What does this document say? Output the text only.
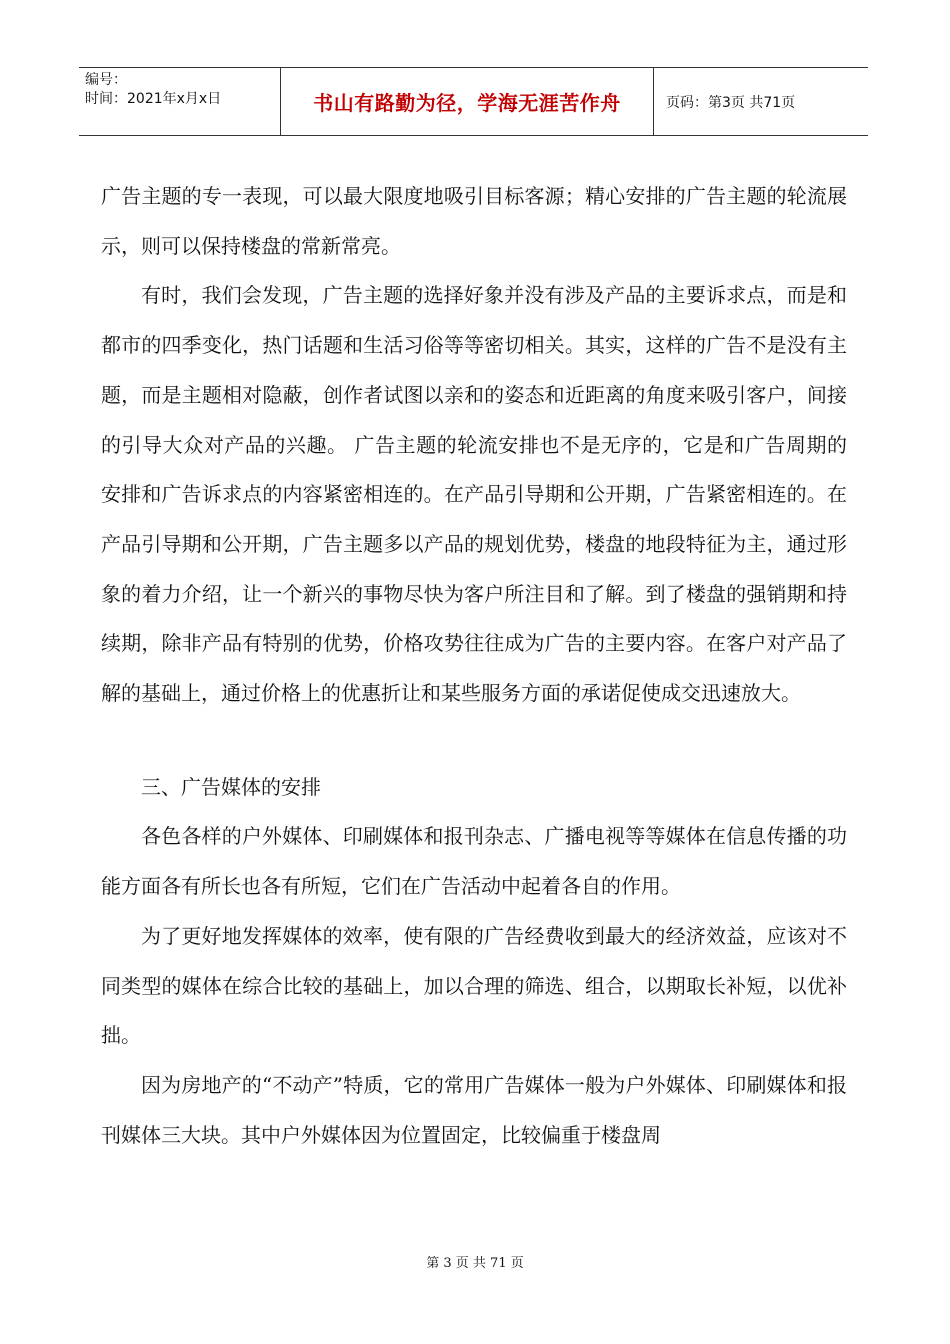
编号：
时间：2021年x月x日	书山有路勤为径，学海无涯苦作舟	页码：第3页 共71页

广告主题的专一表现，可以最大限度地吸引目标客源；精心安排的广告主题的轮流展示，则可以保持楼盘的常新常亮。

有时，我们会发现，广告主题的选择好象并没有涉及产品的主要诉求点，而是和都市的四季变化，热门话题和生活习俗等等密切相关。其实，这样的广告不是没有主题，而是主题相对隐蔽，创作者试图以亲和的姿态和近距离的角度来吸引客户，间接的引导大众对产品的兴趣。 广告主题的轮流安排也不是无序的，它是和广告周期的安排和广告诉求点的内容紧密相连的。在产品引导期和公开期，广告紧密相连的。在产品引导期和公开期，广告主题多以产品的规划优势，楼盘的地段特征为主，通过形象的着力介绍，让一个新兴的事物尽快为客户所注目和了解。到了楼盘的强销期和持续期，除非产品有特别的优势，价格攻势往往成为广告的主要内容。在客户对产品了解的基础上，通过价格上的优惠折让和某些服务方面的承诺促使成交迅速放大。

三、广告媒体的安排

各色各样的户外媒体、印刷媒体和报刊杂志、广播电视等等媒体在信息传播的功能方面各有所长也各有所短，它们在广告活动中起着各自的作用。

为了更好地发挥媒体的效率，使有限的广告经费收到最大的经济效益，应该对不同类型的媒体在综合比较的基础上，加以合理的筛选、组合，以期取长补短，以优补拙。

因为房地产的“不动产”特质，它的常用广告媒体一般为户外媒体、印刷媒体和报刊媒体三大块。其中户外媒体因为位置固定，比较偏重于楼盘周

第 3 页 共 71 页
